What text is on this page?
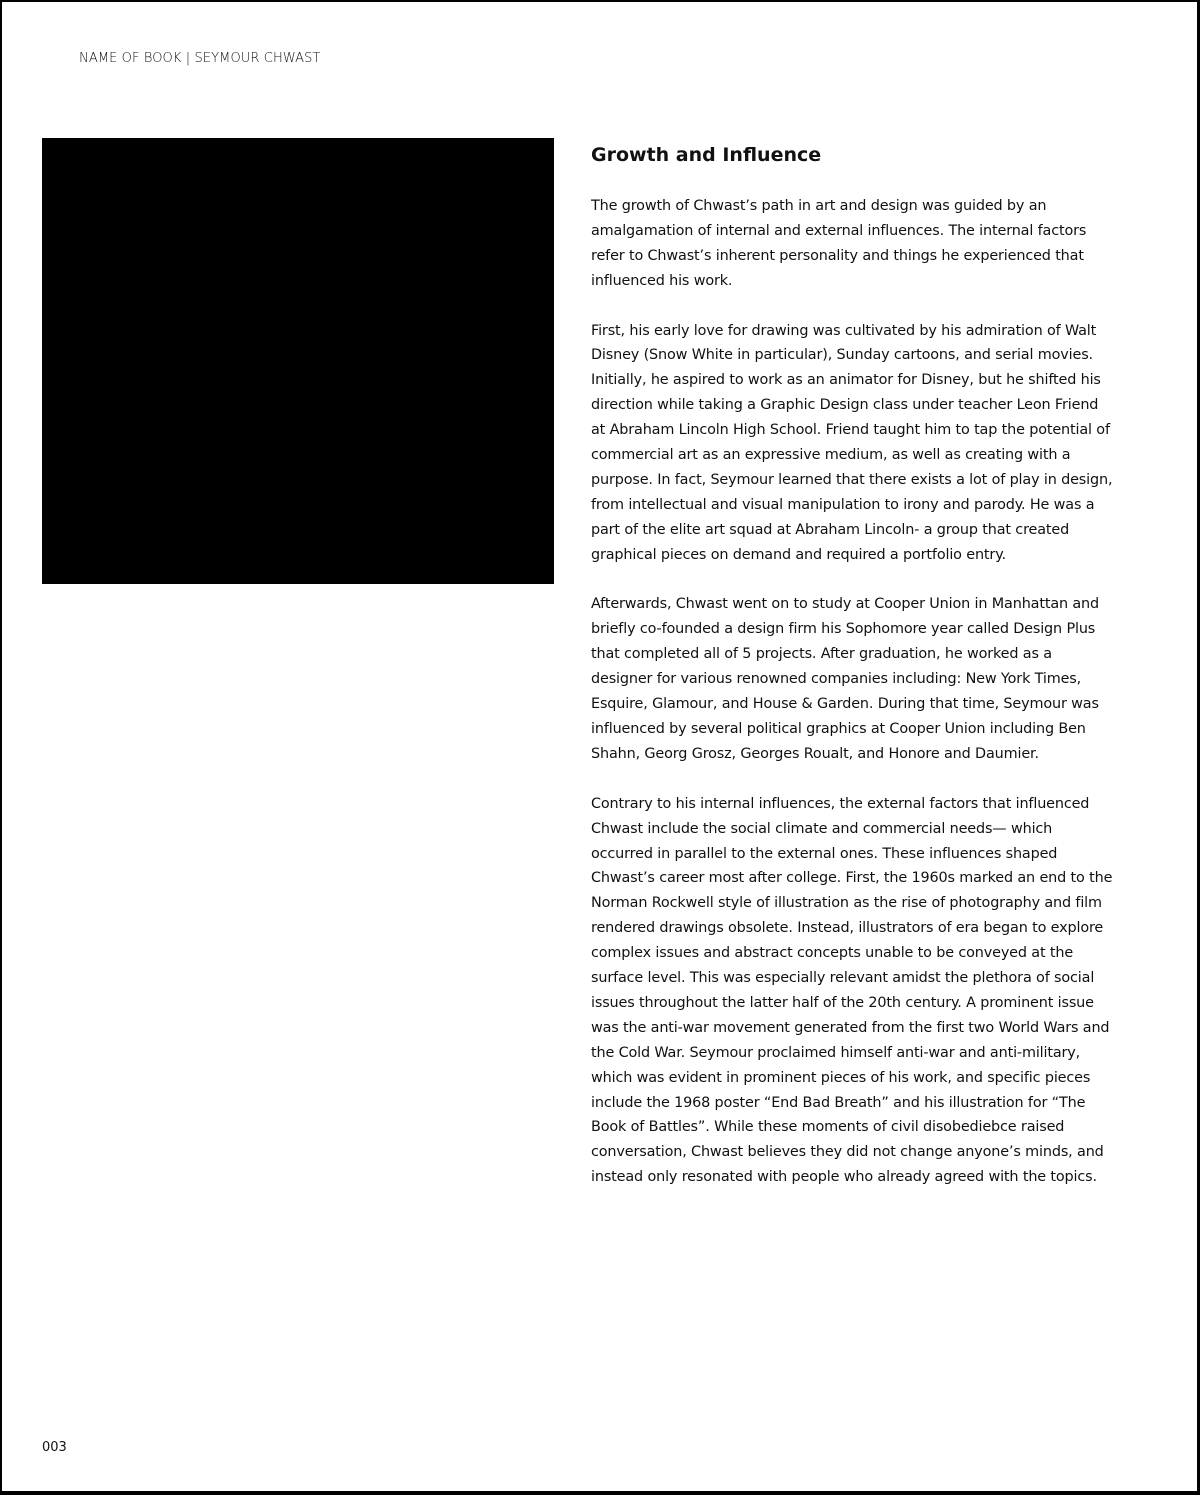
NAME OF BOOK | SEYMOUR CHWAST
Growth and Influence

The growth of Chwast’s path in art and design was guided by an amalgamation of internal and external influences. The internal factors refer to Chwast’s inherent personality and things he experienced that influenced his work.

First, his early love for drawing was cultivated by his admiration of Walt Disney (Snow White in particular), Sunday cartoons, and serial movies. Initially, he aspired to work as an animator for Disney, but he shifted his direction while taking a Graphic Design class under teacher Leon Friend at Abraham Lincoln High School. Friend taught him to tap the potential of commercial art as an expressive medium, as well as creating with a purpose. In fact, Seymour learned that there exists a lot of play in design, from intellectual and visual manipulation to irony and parody. He was a part of the elite art squad at Abraham Lincoln- a group that created graphical pieces on demand and required a portfolio entry.

Afterwards, Chwast went on to study at Cooper Union in Manhattan and briefly co-founded a design firm his Sophomore year called Design Plus that completed all of 5 projects. After graduation, he worked as a designer for various renowned companies including: New York Times, Esquire, Glamour, and House & Garden. During that time, Seymour was influenced by several political graphics at Cooper Union including Ben Shahn, Georg Grosz, Georges Roualt, and Honore and Daumier.

Contrary to his internal influences, the external factors that influenced Chwast include the social climate and commercial needs— which occurred in parallel to the external ones. These influences shaped Chwast’s career most after college. First, the 1960s marked an end to the Norman Rockwell style of illustration as the rise of photography and film rendered drawings obsolete. Instead, illustrators of era began to explore complex issues and abstract concepts unable to be conveyed at the surface level. This was especially relevant amidst the plethora of social issues throughout the latter half of the 20th century. A prominent issue was the anti-war movement generated from the first two World Wars and the Cold War. Seymour proclaimed himself anti-war and anti-military, which was evident in prominent pieces of his work, and specific pieces include the 1968 poster “End Bad Breath” and his illustration for “The Book of Battles”. While these moments of civil disobediebce raised conversation, Chwast believes they did not change anyone’s minds, and instead only resonated with people who already agreed with the topics.

003
